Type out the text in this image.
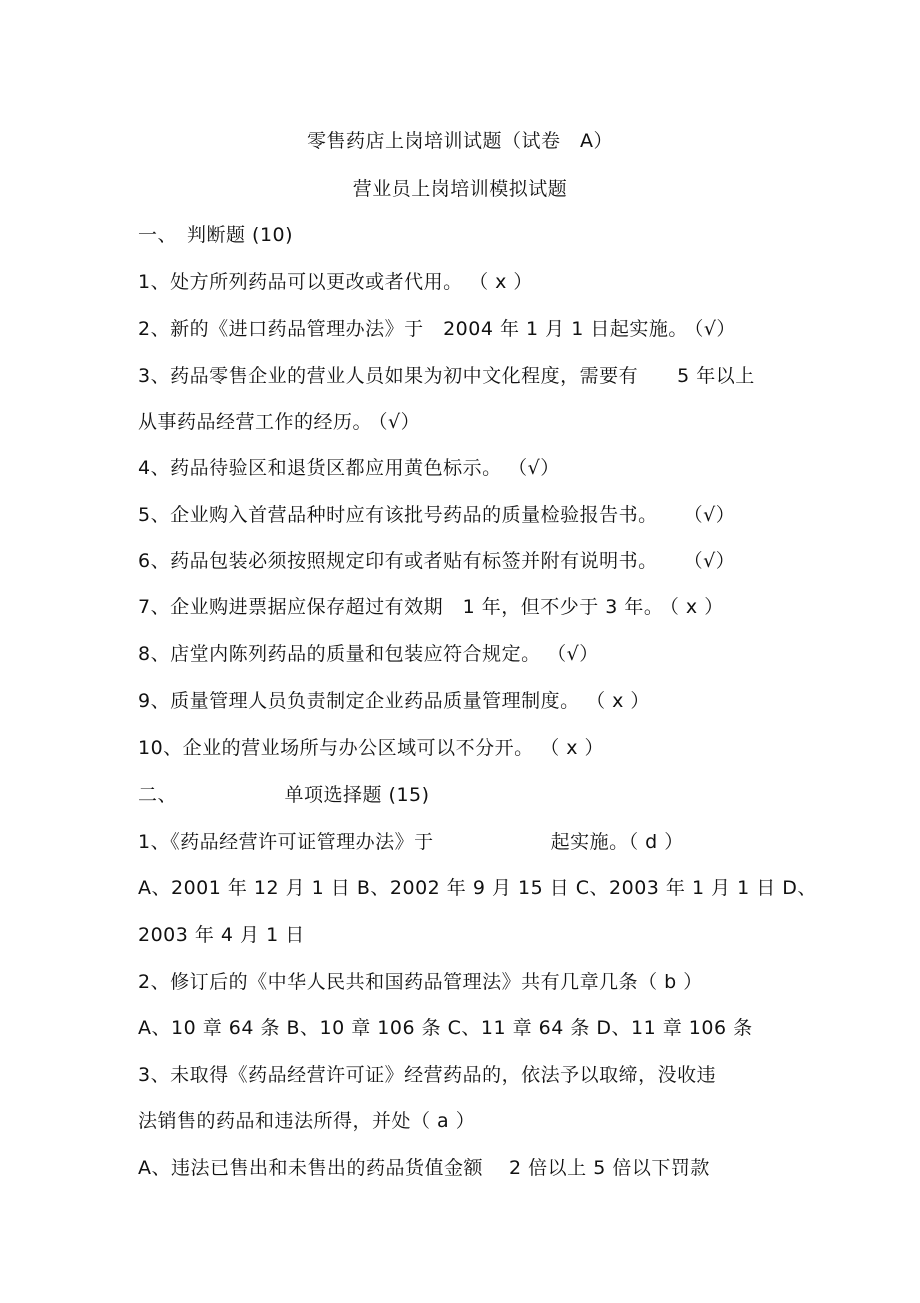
零售药店上岗培训试题（试卷　A）
营业员上岗培训模拟试题
一、　判断题 (10)
1、处方所列药品可以更改或者代用。　（ x ）
2、新的《进口药品管理办法》于　2004 年 1 月 1 日起实施。 （√）
3、药品零售企业的营业人员如果为初中文化程度，需要有　　5 年以上
从事药品经营工作的经历。 （√）
4、药品待验区和退货区都应用黄色标示。　（√）
5、企业购入首营品种时应有该批号药品的质量检验报告书。　　（√）
6、药品包装必须按照规定印有或者贴有标签并附有说明书。　　（√）
7、企业购进票据应保存超过有效期　1 年，但不少于 3 年。 （ x ）
8、店堂内陈列药品的质量和包装应符合规定。　（√）
9、质量管理人员负责制定企业药品质量管理制度。　（ x ）
10、企业的营业场所与办公区域可以不分开。　（ x ）
二、　　　　　　单项选择题 (15)
1、《药品经营许可证管理办法》于　　　　　　起实施。（ d ）
A、2001 年 12 月 1 日 B、2002 年 9 月 15 日 C、2003 年 1 月 1 日 D、
2003 年 4 月 1 日
2、修订后的《中华人民共和国药品管理法》共有几章几条（ b ）
A、10 章 64 条 B、10 章 106 条 C、11 章 64 条 D、11 章 106 条
3、未取得《药品经营许可证》经营药品的，依法予以取缔，没收违
法销售的药品和违法所得，并处（ a ）
A、违法已售出和未售出的药品货值金额　 2 倍以上 5 倍以下罚款
